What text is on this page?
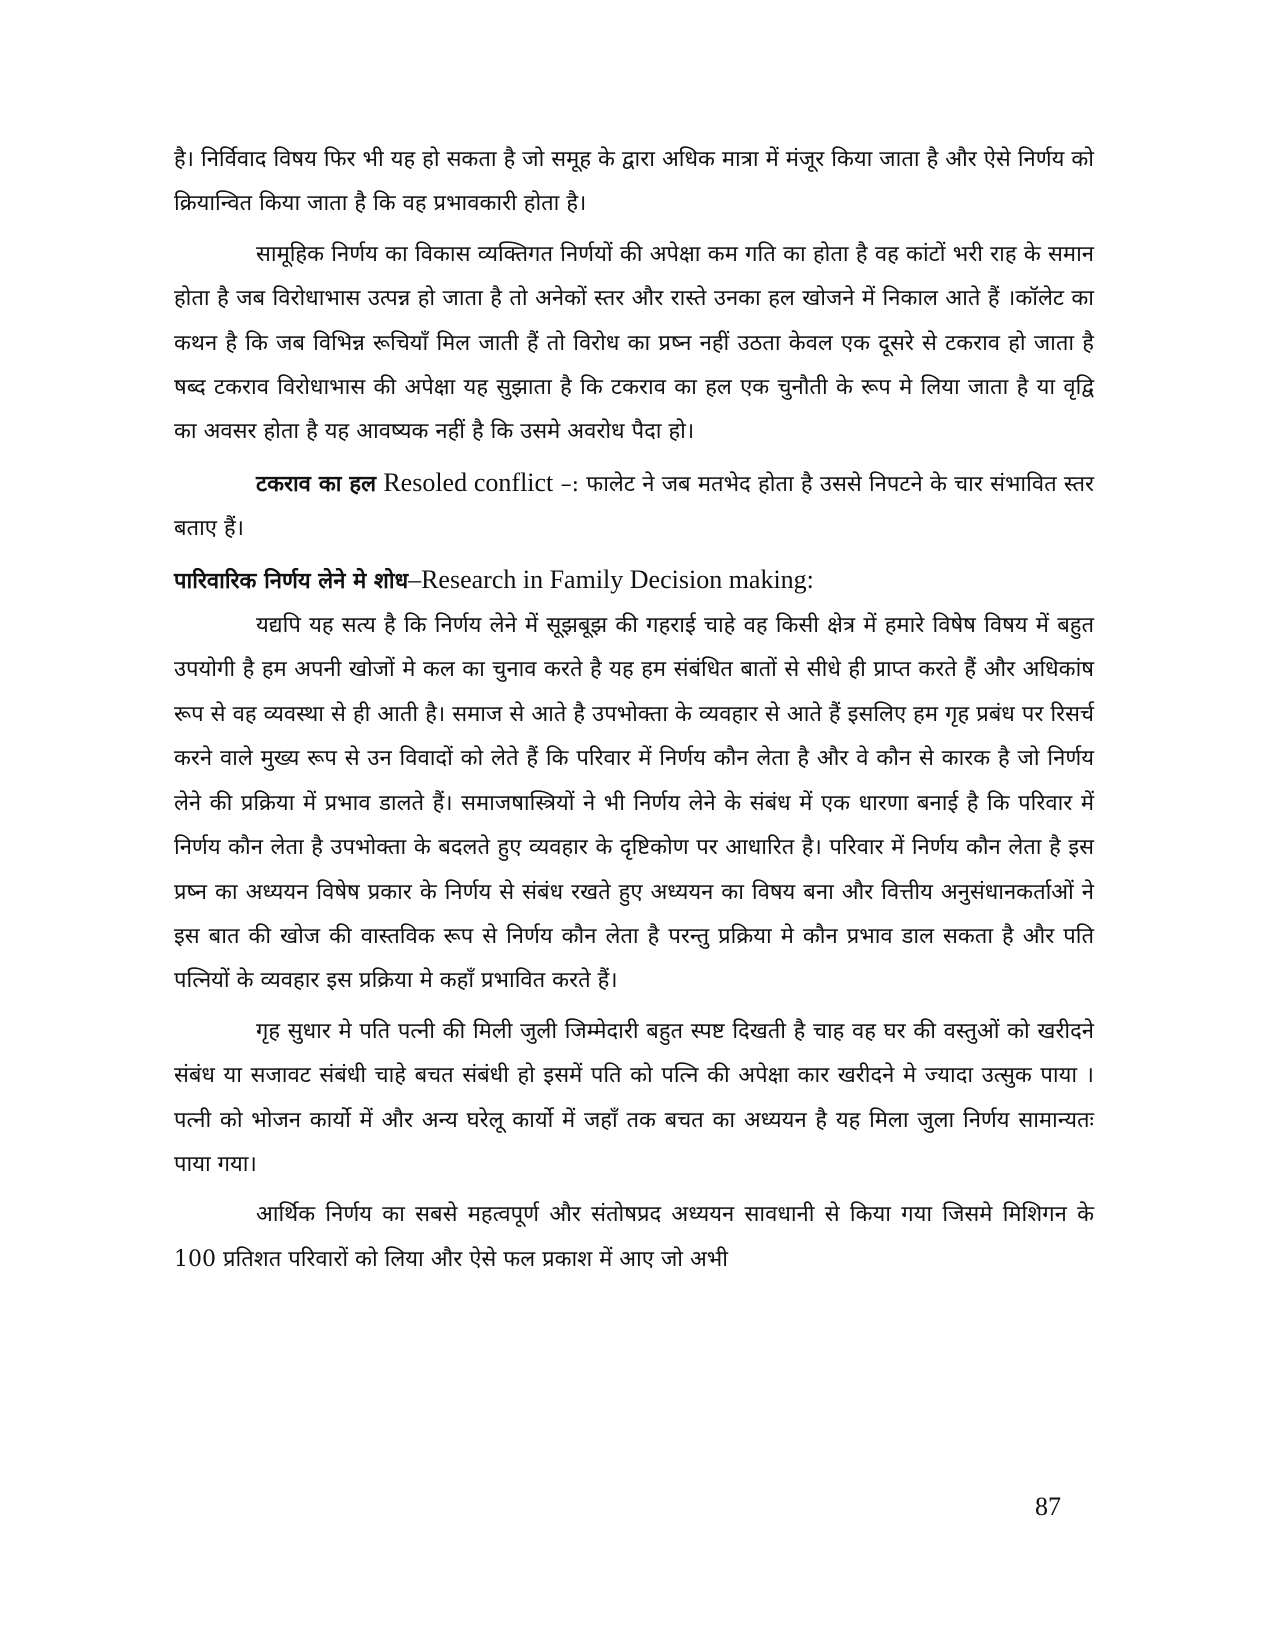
है। निर्विवाद विषय फिर भी यह हो सकता है जो समूह के द्वारा अधिक मात्रा में मंजूर किया जाता है और ऐसे निर्णय को क्रियान्वित किया जाता है कि वह प्रभावकारी होता है।

सामूहिक निर्णय का विकास व्यक्तिगत निर्णयों की अपेक्षा कम गति का होता है वह कांटों भरी राह के समान होता है जब विरोधाभास उत्पन्न हो जाता है तो अनेकों स्तर और रास्ते उनका हल खोजने में निकाल आते हैं ।कॉलेट का कथन है कि जब विभिन्न रूचियॉं मिल जाती हैं तो विरोध का प्रष्न नहीं उठता केवल एक दूसरे से टकराव हो जाता है षब्द टकराव विरोधाभास की अपेक्षा यह सुझाता है कि टकराव का हल एक चुनौती के रूप मे लिया जाता है या वृद्वि का अवसर होता है यह आवष्यक नहीं है कि उसमे अवरोध पैदा हो।

टकराव का हल Resoled conflict –: फालेट ने जब मतभेद होता है उससे निपटने के चार संभावित स्तर बताए हैं।

पारिवारिक निर्णय लेने मे शोध–Research in Family Decision making:

यद्यपि यह सत्य है कि निर्णय लेने में सूझबूझ की गहराई चाहे वह किसी क्षेत्र में हमारे विषेष विषय में बहुत उपयोगी है हम अपनी खोजों मे कल का चुनाव करते है यह हम संबंधित बातों से सीधे ही प्राप्त करते हैं और अधिकांष रूप से वह व्यवस्था से ही आती है। समाज से आते है उपभोक्ता के व्यवहार से आते हैं इसलिए हम गृह प्रबंध पर रिसर्च करने वाले मुख्य रूप से उन विवादों को लेते हैं कि परिवार में निर्णय कौन लेता है और वे कौन से कारक है जो निर्णय लेने की प्रक्रिया में प्रभाव डालते हैं। समाजषास्त्रियों ने भी निर्णय लेने के संबंध में एक धारणा बनाई है कि परिवार में निर्णय कौन लेता है उपभोक्ता के बदलते हुए व्यवहार के दृष्टिकोण पर आधारित है। परिवार में निर्णय कौन लेता है इस प्रष्न का अध्ययन विषेष प्रकार के निर्णय से संबंध रखते हुए अध्ययन का विषय बना और वित्तीय अनुसंधानकर्ताओं ने इस बात की खोज की वास्तविक रूप से निर्णय कौन लेता है परन्तु प्रक्रिया मे कौन प्रभाव डाल सकता है और पति पत्नियों के व्यवहार इस प्रक्रिया मे कहॉं प्रभावित करते हैं।

गृह सुधार मे पति पत्नी की मिली जुली जिम्मेदारी बहुत स्पष्ट दिखती है चाह वह घर की वस्तुओं को खरीदने संबंध या सजावट संबंधी चाहे बचत संबंधी हो इसमें पति को पत्नि की अपेक्षा कार खरीदने मे ज्यादा उत्सुक पाया । पत्नी को भोजन कार्यो में और अन्य घरेलू कार्यो में जहॉं तक बचत का अध्ययन है यह मिला जुला निर्णय सामान्यतः पाया गया।

आर्थिक निर्णय का सबसे महत्वपूर्ण और संतोषप्रद अध्ययन सावधानी से किया गया जिसमे मिशिगन के 100 प्रतिशत परिवारों को लिया और ऐसे फल प्रकाश में आए जो अभी

87
